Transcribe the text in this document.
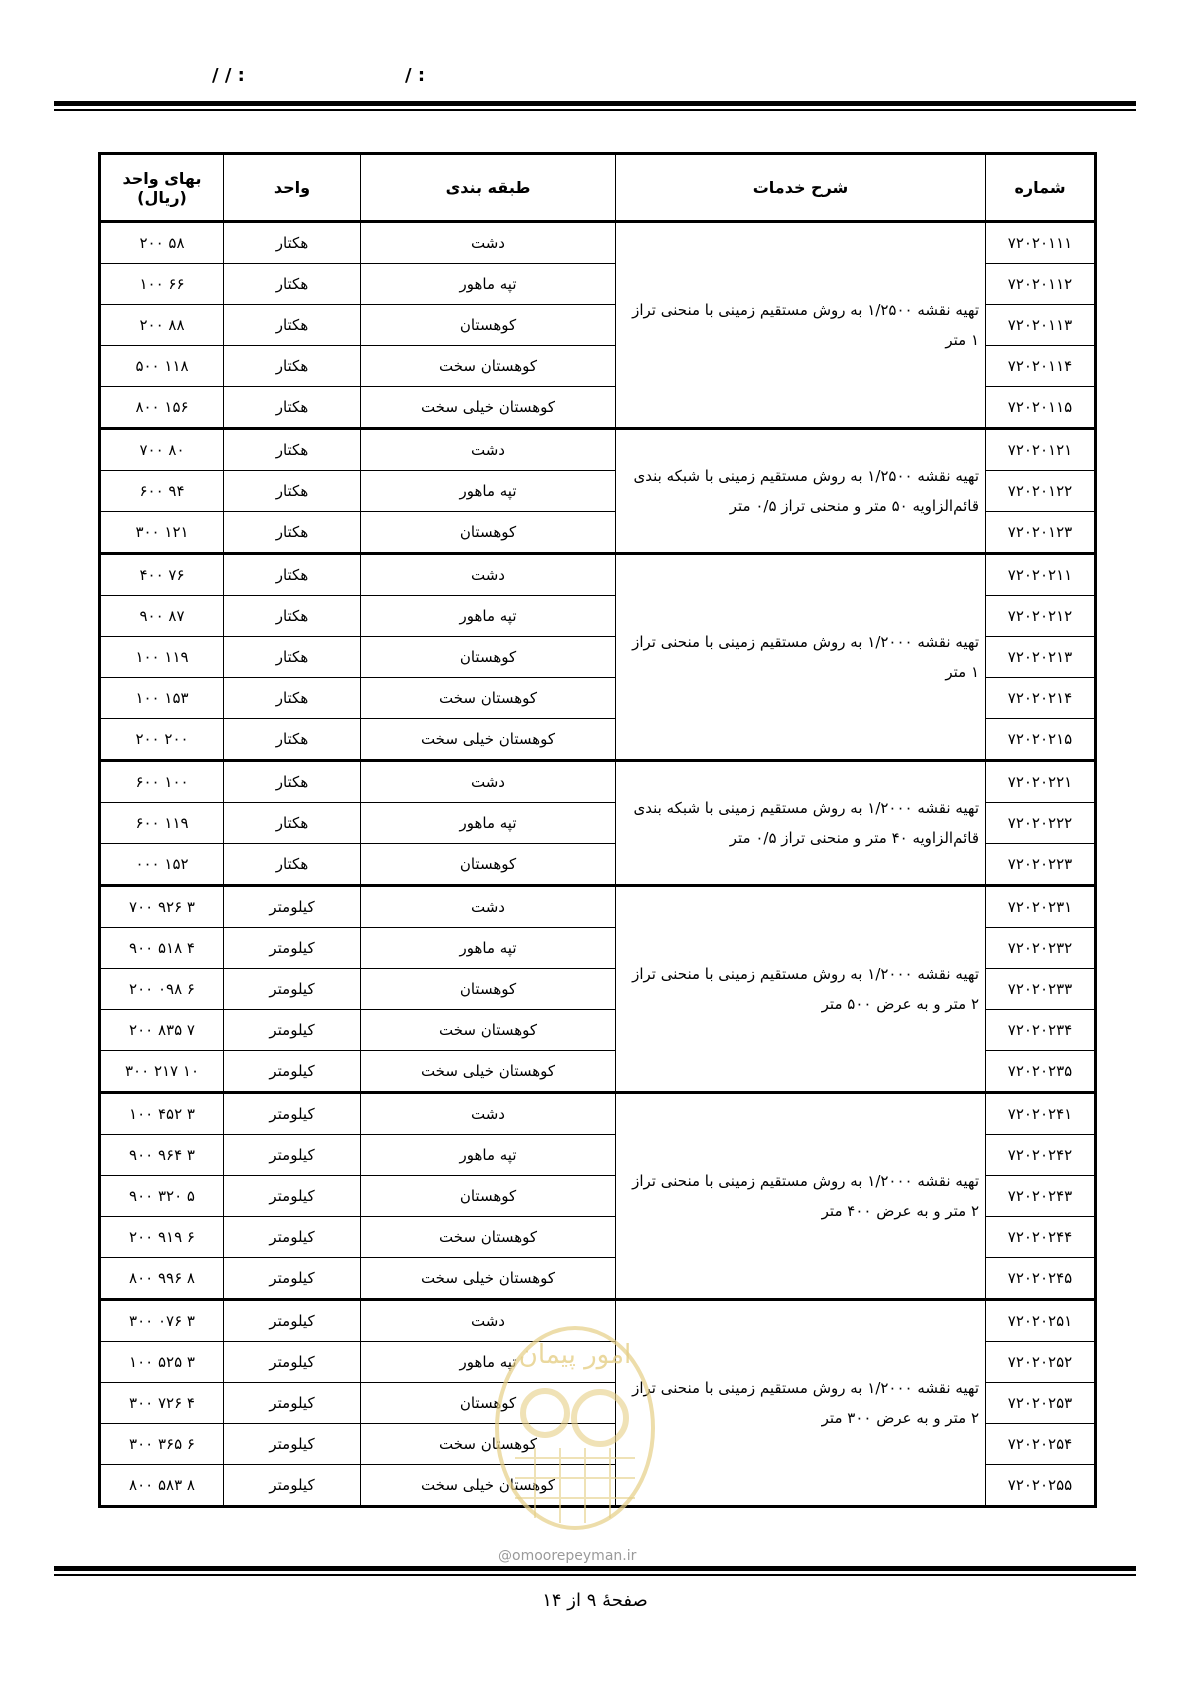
/ / :	/ :
شماره	شرح خدمات	طبقه بندی	واحد	بهای واحد (ریال)
۷۲۰۲۰۱۱۱	تهیه نقشه ۱/۲۵۰۰ به روش مستقیم زمینی با منحنی تراز ۱ متر	دشت	هکتار	۵۸ ۲۰۰
۷۲۰۲۰۱۱۲		تپه ماهور	هکتار	۶۶ ۱۰۰
۷۲۰۲۰۱۱۳		کوهستان	هکتار	۸۸ ۲۰۰
۷۲۰۲۰۱۱۴		کوهستان سخت	هکتار	۱۱۸ ۵۰۰
۷۲۰۲۰۱۱۵		کوهستان خیلی سخت	هکتار	۱۵۶ ۸۰۰
۷۲۰۲۰۱۲۱	تهیه نقشه ۱/۲۵۰۰ به روش مستقیم زمینی با شبکه بندی قائم‌الزاویه ۵۰ متر و منحنی تراز ۰/۵ متر	دشت	هکتار	۸۰ ۷۰۰
۷۲۰۲۰۱۲۲		تپه ماهور	هکتار	۹۴ ۶۰۰
۷۲۰۲۰۱۲۳		کوهستان	هکتار	۱۲۱ ۳۰۰
۷۲۰۲۰۲۱۱	تهیه نقشه ۱/۲۰۰۰ به روش مستقیم زمینی با منحنی تراز ۱ متر	دشت	هکتار	۷۶ ۴۰۰
۷۲۰۲۰۲۱۲		تپه ماهور	هکتار	۸۷ ۹۰۰
۷۲۰۲۰۲۱۳		کوهستان	هکتار	۱۱۹ ۱۰۰
۷۲۰۲۰۲۱۴		کوهستان سخت	هکتار	۱۵۳ ۱۰۰
۷۲۰۲۰۲۱۵		کوهستان خیلی سخت	هکتار	۲۰۰ ۲۰۰
۷۲۰۲۰۲۲۱	تهیه نقشه ۱/۲۰۰۰ به روش مستقیم زمینی با شبکه بندی قائم‌الزاویه ۴۰ متر و منحنی تراز ۰/۵ متر	دشت	هکتار	۱۰۰ ۶۰۰
۷۲۰۲۰۲۲۲		تپه ماهور	هکتار	۱۱۹ ۶۰۰
۷۲۰۲۰۲۲۳		کوهستان	هکتار	۱۵۲ ۰۰۰
۷۲۰۲۰۲۳۱	تهیه نقشه ۱/۲۰۰۰ به روش مستقیم زمینی با منحنی تراز ۲ متر و به عرض ۵۰۰ متر	دشت	کیلومتر	۳ ۹۲۶ ۷۰۰
۷۲۰۲۰۲۳۲		تپه ماهور	کیلومتر	۴ ۵۱۸ ۹۰۰
۷۲۰۲۰۲۳۳		کوهستان	کیلومتر	۶ ۰۹۸ ۲۰۰
۷۲۰۲۰۲۳۴		کوهستان سخت	کیلومتر	۷ ۸۳۵ ۲۰۰
۷۲۰۲۰۲۳۵		کوهستان خیلی سخت	کیلومتر	۱۰ ۲۱۷ ۳۰۰
۷۲۰۲۰۲۴۱	تهیه نقشه ۱/۲۰۰۰ به روش مستقیم زمینی با منحنی تراز ۲ متر و به عرض ۴۰۰ متر	دشت	کیلومتر	۳ ۴۵۲ ۱۰۰
۷۲۰۲۰۲۴۲		تپه ماهور	کیلومتر	۳ ۹۶۴ ۹۰۰
۷۲۰۲۰۲۴۳		کوهستان	کیلومتر	۵ ۳۲۰ ۹۰۰
۷۲۰۲۰۲۴۴		کوهستان سخت	کیلومتر	۶ ۹۱۹ ۲۰۰
۷۲۰۲۰۲۴۵		کوهستان خیلی سخت	کیلومتر	۸ ۹۹۶ ۸۰۰
۷۲۰۲۰۲۵۱	تهیه نقشه ۱/۲۰۰۰ به روش مستقیم زمینی با منحنی تراز ۲ متر و به عرض ۳۰۰ متر	دشت	کیلومتر	۳ ۰۷۶ ۳۰۰
۷۲۰۲۰۲۵۲		تپه ماهور	کیلومتر	۳ ۵۲۵ ۱۰۰
۷۲۰۲۰۲۵۳		کوهستان	کیلومتر	۴ ۷۲۶ ۳۰۰
۷۲۰۲۰۲۵۴		کوهستان سخت	کیلومتر	۶ ۳۶۵ ۳۰۰
۷۲۰۲۰۲۵۵		کوهستان خیلی سخت	کیلومتر	۸ ۵۸۳ ۸۰۰
امور پیمان
@omoorepeyman.ir
صفحهٔ ۹ از ۱۴
